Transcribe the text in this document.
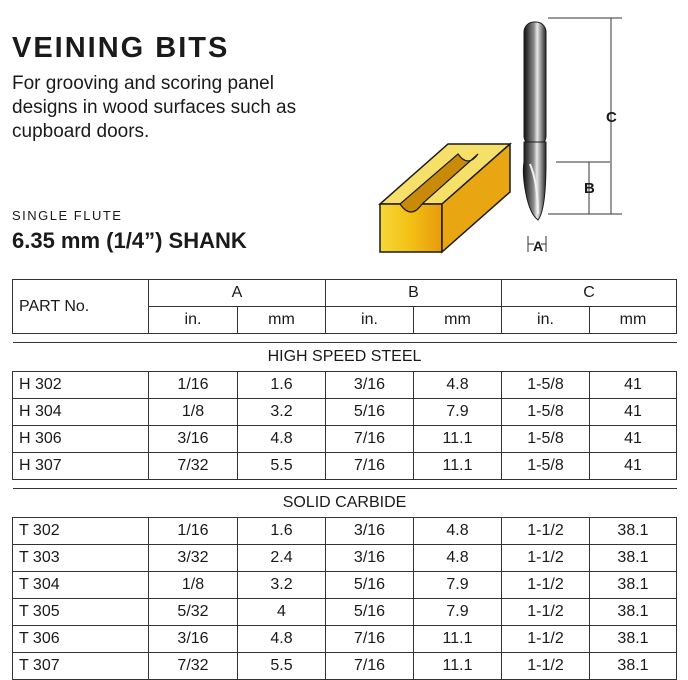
VEINING BITS
For grooving and scoring panel designs in wood surfaces such as cupboard doors.
SINGLE FLUTE
6.35 mm (1/4”) SHANK
C
B
A
PART No.	A		B		C	
	in.	mm	in.	mm	in.	mm

HIGH SPEED STEEL						
H 302	1/16	1.6	3/16	4.8	1-5/8	41
H 304	1/8	3.2	5/16	7.9	1-5/8	41
H 306	3/16	4.8	7/16	11.1	1-5/8	41
H 307	7/32	5.5	7/16	11.1	1-5/8	41

SOLID CARBIDE						
T 302	1/16	1.6	3/16	4.8	1-1/2	38.1
T 303	3/32	2.4	3/16	4.8	1-1/2	38.1
T 304	1/8	3.2	5/16	7.9	1-1/2	38.1
T 305	5/32	4	5/16	7.9	1-1/2	38.1
T 306	3/16	4.8	7/16	11.1	1-1/2	38.1
T 307	7/32	5.5	7/16	11.1	1-1/2	38.1
